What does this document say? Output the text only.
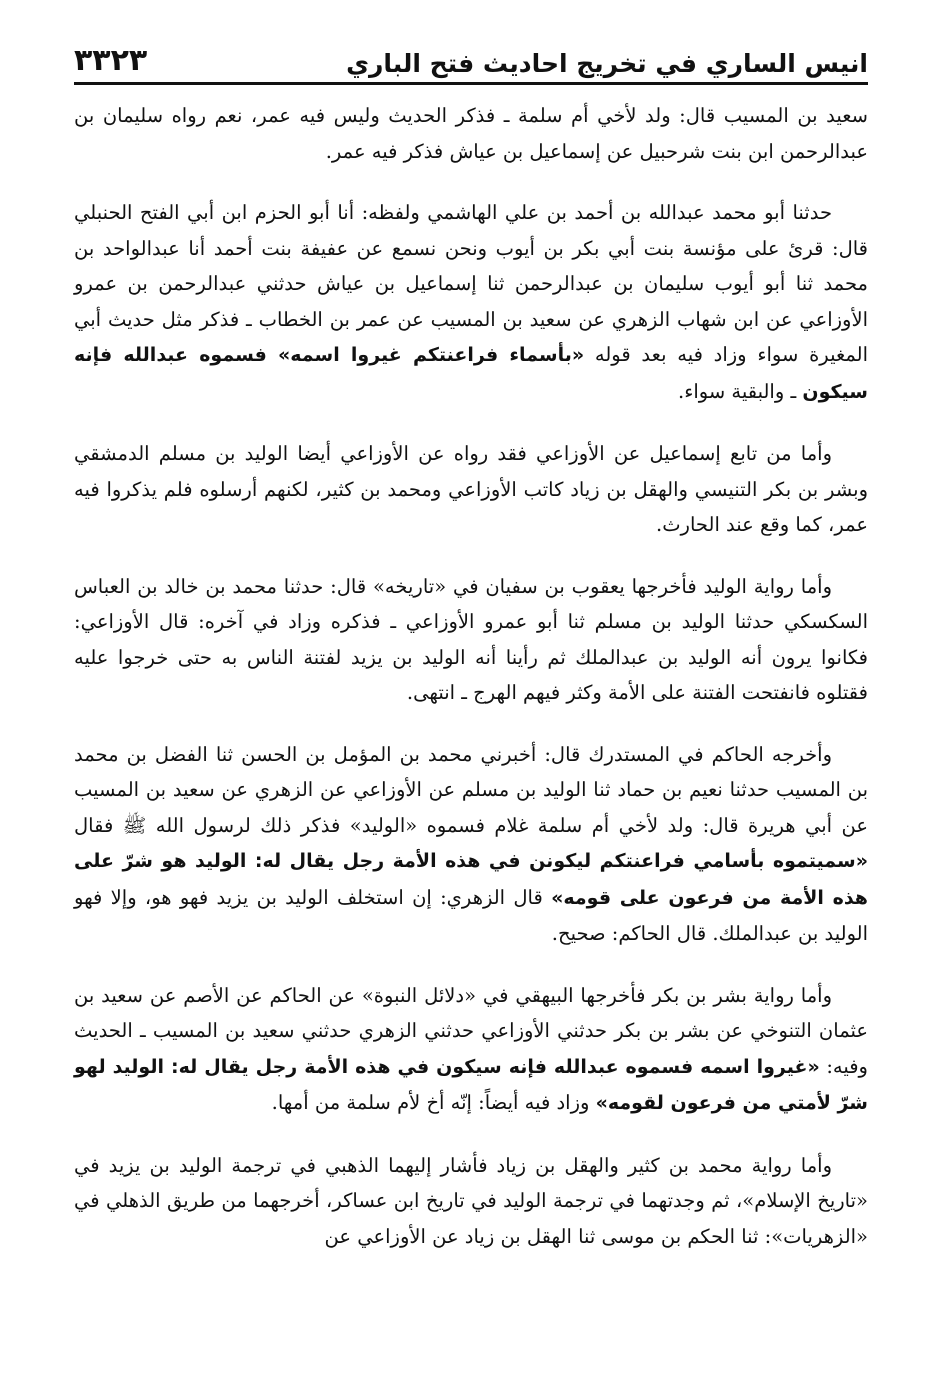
٣٣٢٣	انيس الساري في تخريج احاديث فتح الباري

سعيد بن المسيب قال: ولد لأخي أم سلمة ـ فذكر الحديث وليس فيه عمر، نعم رواه سليمان بن عبدالرحمن ابن بنت شرحبيل عن إسماعيل بن عياش فذكر فيه عمر.

حدثنا أبو محمد عبدالله بن أحمد بن علي الهاشمي ولفظه: أنا أبو الحزم ابن أبي الفتح الحنبلي قال: قرئ على مؤنسة بنت أبي بكر بن أيوب ونحن نسمع عن عفيفة بنت أحمد أنا عبدالواحد بن محمد ثنا أبو أيوب سليمان بن عبدالرحمن ثنا إسماعيل بن عياش حدثني عبدالرحمن بن عمرو الأوزاعي عن ابن شهاب الزهري عن سعيد بن المسيب عن عمر بن الخطاب ـ فذكر مثل حديث أبي المغيرة سواء وزاد فيه بعد قوله «بأسماء فراعنتكم غيروا اسمه» فسموه عبدالله فإنه سيكون ـ والبقية سواء.

وأما من تابع إسماعيل عن الأوزاعي فقد رواه عن الأوزاعي أيضا الوليد بن مسلم الدمشقي وبشر بن بكر التنيسي والهقل بن زياد كاتب الأوزاعي ومحمد بن كثير، لكنهم أرسلوه فلم يذكروا فيه عمر، كما وقع عند الحارث.

وأما رواية الوليد فأخرجها يعقوب بن سفيان في «تاريخه» قال: حدثنا محمد بن خالد بن العباس السكسكي حدثنا الوليد بن مسلم ثنا أبو عمرو الأوزاعي ـ فذكره وزاد في آخره: قال الأوزاعي: فكانوا يرون أنه الوليد بن عبدالملك ثم رأينا أنه الوليد بن يزيد لفتنة الناس به حتى خرجوا عليه فقتلوه فانفتحت الفتنة على الأمة وكثر فيهم الهرج ـ انتهى.

وأخرجه الحاكم في المستدرك قال: أخبرني محمد بن المؤمل بن الحسن ثنا الفضل بن محمد بن المسيب حدثنا نعيم بن حماد ثنا الوليد بن مسلم عن الأوزاعي عن الزهري عن سعيد بن المسيب عن أبي هريرة قال: ولد لأخي أم سلمة غلام فسموه «الوليد» فذكر ذلك لرسول الله ﷺ فقال «سميتموه بأسامي فراعنتكم ليكونن في هذه الأمة رجل يقال له: الوليد هو شرّ على هذه الأمة من فرعون على قومه» قال الزهري: إن استخلف الوليد بن يزيد فهو هو، وإلا فهو الوليد بن عبدالملك. قال الحاكم: صحيح.

وأما رواية بشر بن بكر فأخرجها البيهقي في «دلائل النبوة» عن الحاكم عن الأصم عن سعيد بن عثمان التنوخي عن بشر بن بكر حدثني الأوزاعي حدثني الزهري حدثني سعيد بن المسيب ـ الحديث وفيه: «غيروا اسمه فسموه عبدالله فإنه سيكون في هذه الأمة رجل يقال له: الوليد لهو شرّ لأمتي من فرعون لقومه» وزاد فيه أيضاً: إنّه أخ لأم سلمة من أمها.

وأما رواية محمد بن كثير والهقل بن زياد فأشار إليهما الذهبي في ترجمة الوليد بن يزيد في «تاريخ الإسلام»، ثم وجدتهما في ترجمة الوليد في تاريخ ابن عساكر، أخرجهما من طريق الذهلي في «الزهريات»: ثنا الحكم بن موسى ثنا الهقل بن زياد عن الأوزاعي عن
